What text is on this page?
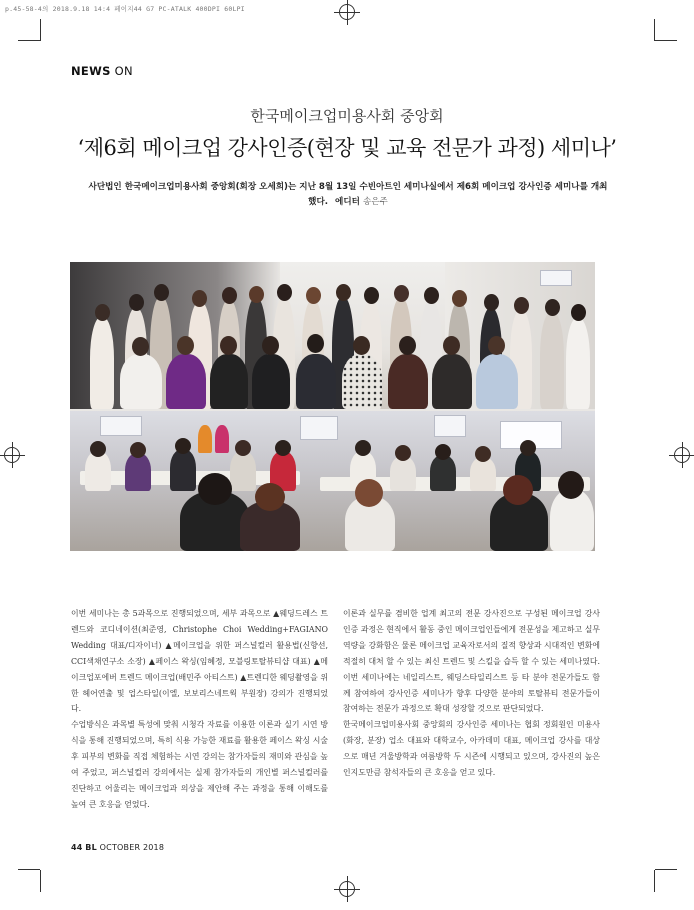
p.45-58-4의 2018.9.18 14:4 페이지44 G7 PC-ATALK 400DPI 60LPI
NEWS ON
한국메이크업미용사회 중앙회
‘제6회 메이크업 강사인증(현장 및 교육 전문가 과정) 세미나’
사단법인 한국메이크업미용사회 중앙회(회장 오세희)는 지난 8월 13일 수빈아트인 세미나실에서 제6회 메이크업 강사인증 세미나를 개최했다. 에디터 송은주

이번 세미나는 총 5과목으로 진행되었으며, 세부 과목으로 ▲웨딩드레스 트렌드와 코디네이션(최준영, Christophe Choi Wedding+FAGIANO Wedding 대표/디자이너) ▲메이크업을 위한 퍼스널컬러 활용법(신향선, CCI색채연구소 소장) ▲페이스 왁싱(임혜정, 모블링토탈뷰티샵 대표) ▲메이크업포에버 트렌드 메이크업(배민주 아티스트) ▲트렌디한 웨딩촬영을 위한 헤어연출 및 업스타일(이엘, 보보리스네트웍 부원장) 강의가 진행되었다.

수업방식은 과목별 특성에 맞춰 시청각 자료를 이용한 이론과 실기 시연 방식을 통해 진행되었으며, 특히 식용 가능한 재료를 활용한 페이스 왁싱 시술 후 피부의 변화를 직접 체험하는 시연 강의는 참가자들의 재미와 관심을 높여 주었고, 퍼스널컬러 강의에서는 실제 참가자들의 개인별 퍼스널컬러를 진단하고 어울리는 메이크업과 의상을 제안해 주는 과정을 통해 이해도를 높여 큰 호응을 얻었다.

이론과 실무를 겸비한 업계 최고의 전문 강사진으로 구성된 메이크업 강사인증 과정은 현직에서 활동 중인 메이크업인들에게 전문성을 제고하고 실무역량을 강화함은 물론 메이크업 교육자로서의 질적 향상과 시대적인 변화에 적절히 대처 할 수 있는 최신 트렌드 및 스킬을 습득 할 수 있는 세미나였다. 이번 세미나에는 네일리스트, 웨딩스타일리스트 등 타 분야 전문가들도 함께 참여하여 강사인증 세미나가 향후 다양한 분야의 토탈뷰티 전문가들이 참여하는 전문가 과정으로 확대 성장할 것으로 판단되었다.

한국메이크업미용사회 중앙회의 강사인증 세미나는 협회 정회원인 미용사(화장, 분장) 업소 대표와 대학교수, 아카데미 대표, 메이크업 강사를 대상으로 매년 겨울방학과 여름방학 두 시즌에 시행되고 있으며, 강사진의 높은 인지도만큼 참석자들의 큰 호응을 얻고 있다.

44 BL OCTOBER 2018
